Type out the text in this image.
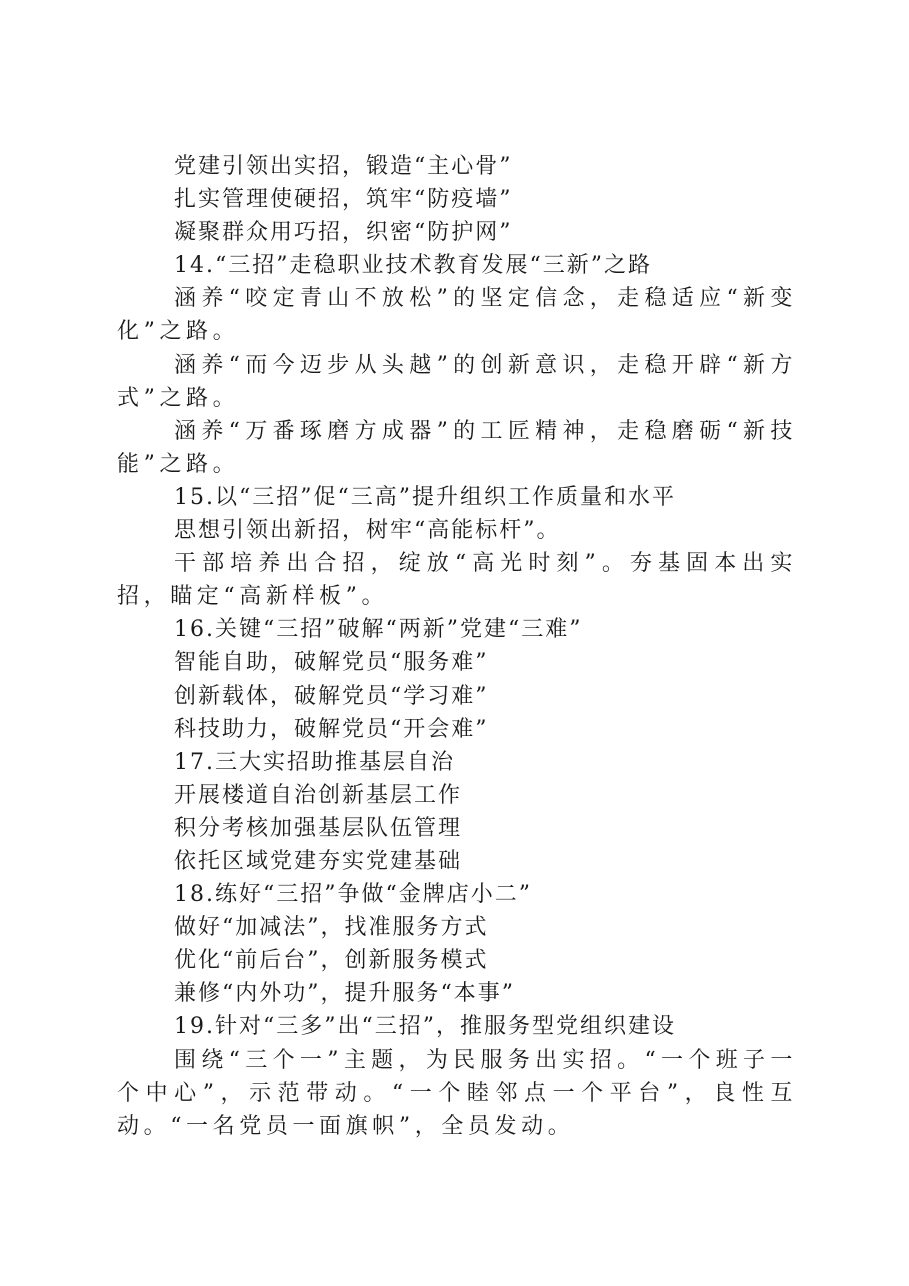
党建引领出实招，锻造“主心骨”

扎实管理使硬招，筑牢“防疫墙”

凝聚群众用巧招，织密“防护网”

14.“三招”走稳职业技术教育发展“三新”之路

涵养“咬定青山不放松”的坚定信念，走稳适应“新变化”之路。

涵养“而今迈步从头越”的创新意识，走稳开辟“新方式”之路。

涵养“万番琢磨方成器”的工匠精神，走稳磨砺“新技能”之路。

15.以“三招”促“三高”提升组织工作质量和水平

思想引领出新招，树牢“高能标杆”。

干部培养出合招，绽放“高光时刻”。夯基固本出实招，瞄定“高新样板”。

16.关键“三招”破解“两新”党建“三难”

智能自助，破解党员“服务难”

创新载体，破解党员“学习难”

科技助力，破解党员“开会难”

17.三大实招助推基层自治

开展楼道自治创新基层工作

积分考核加强基层队伍管理

依托区域党建夯实党建基础

18.练好“三招”争做“金牌店小二”

做好“加减法”，找准服务方式

优化“前后台”，创新服务模式

兼修“内外功”，提升服务“本事”

19.针对“三多”出“三招”，推服务型党组织建设

围绕“三个一”主题，为民服务出实招。“一个班子一个中心”，示范带动。“一个睦邻点一个平台”，良性互动。“一名党员一面旗帜”，全员发动。
